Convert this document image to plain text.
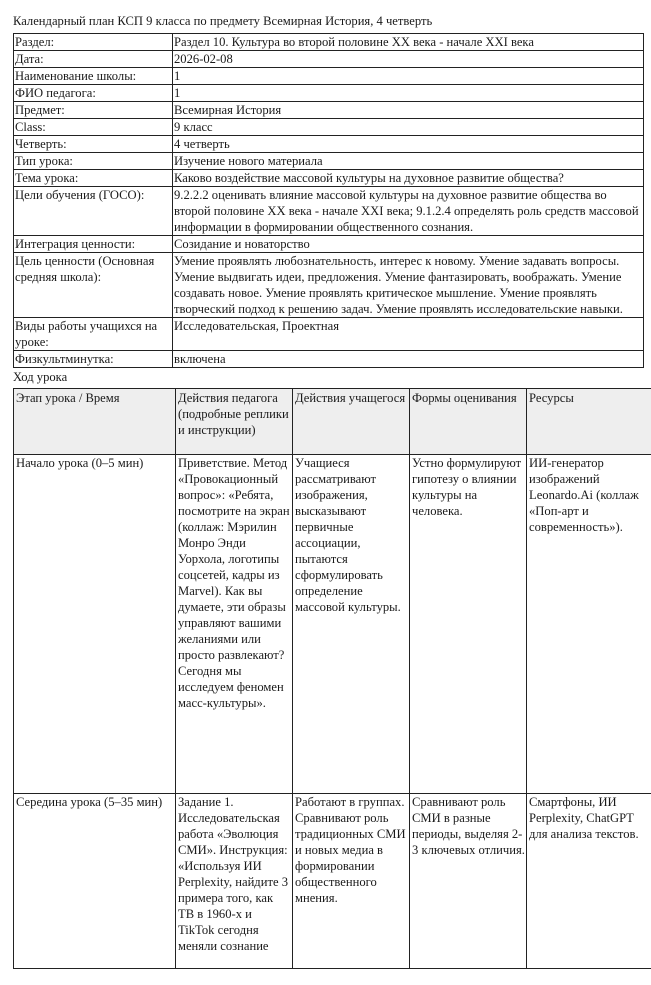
Календарный план КСП 9 класса по предмету Всемирная История, 4 четверть
Раздел:	Раздел 10. Культура во второй половине XX века - начале XXI века
Дата:	2026-02-08
Наименование школы:	1
ФИО педагога:	1
Предмет:	Всемирная История
Class:	9 класс
Четверть:	4 четверть
Тип урока:	Изучение нового материала
Тема урока:	Каково воздействие массовой культуры на духовное развитие общества?
Цели обучения (ГОСО):	9.2.2.2 оценивать влияние массовой культуры на духовное развитие общества во второй половине XX века - начале XXI века; 9.1.2.4 определять роль средств массовой информации в формировании общественного сознания.
Интеграция ценности:	Созидание и новаторство
Цель ценности (Основная средняя школа):	Умение проявлять любознательность, интерес к новому. Умение задавать вопросы. Умение выдвигать идеи, предложения. Умение фантазировать, воображать. Умение создавать новое. Умение проявлять критическое мышление. Умение проявлять творческий подход к решению задач. Умение проявлять исследовательские навыки.
Виды работы учащихся на уроке:	Исследовательская, Проектная
Физкультминутка:	включена
Ход урока
Этап урока / Время	Действия педагога (подробные реплики и инструкции)	Действия учащегося	Формы оценивания	Ресурсы
Начало урока (0–5 мин)	Приветствие. Метод «Провокационный вопрос»: «Ребята, посмотрите на экран (коллаж: Мэрилин Монро Энди Уорхола, логотипы соцсетей, кадры из Marvel). Как вы думаете, эти образы управляют вашими желаниями или просто развлекают? Сегодня мы исследуем феномен масс-культуры».	Учащиеся рассматривают изображения, высказывают первичные ассоциации, пытаются сформулировать определение массовой культуры.	Устно формулируют гипотезу о влиянии культуры на человека.	ИИ-генератор изображений Leonardo.Ai (коллаж «Поп-арт и современность»).
Середина урока (5–35 мин)	Задание 1. Исследовательская работа «Эволюция СМИ». Инструкция: «Используя ИИ Perplexity, найдите 3 примера того, как ТВ в 1960-х и TikTok сегодня меняли сознание	Работают в группах. Сравнивают роль традиционных СМИ и новых медиа в формировании общественного мнения.	Сравнивают роль СМИ в разные периоды, выделяя 2-3 ключевых отличия.	Смартфоны, ИИ Perplexity, ChatGPT для анализа текстов.
